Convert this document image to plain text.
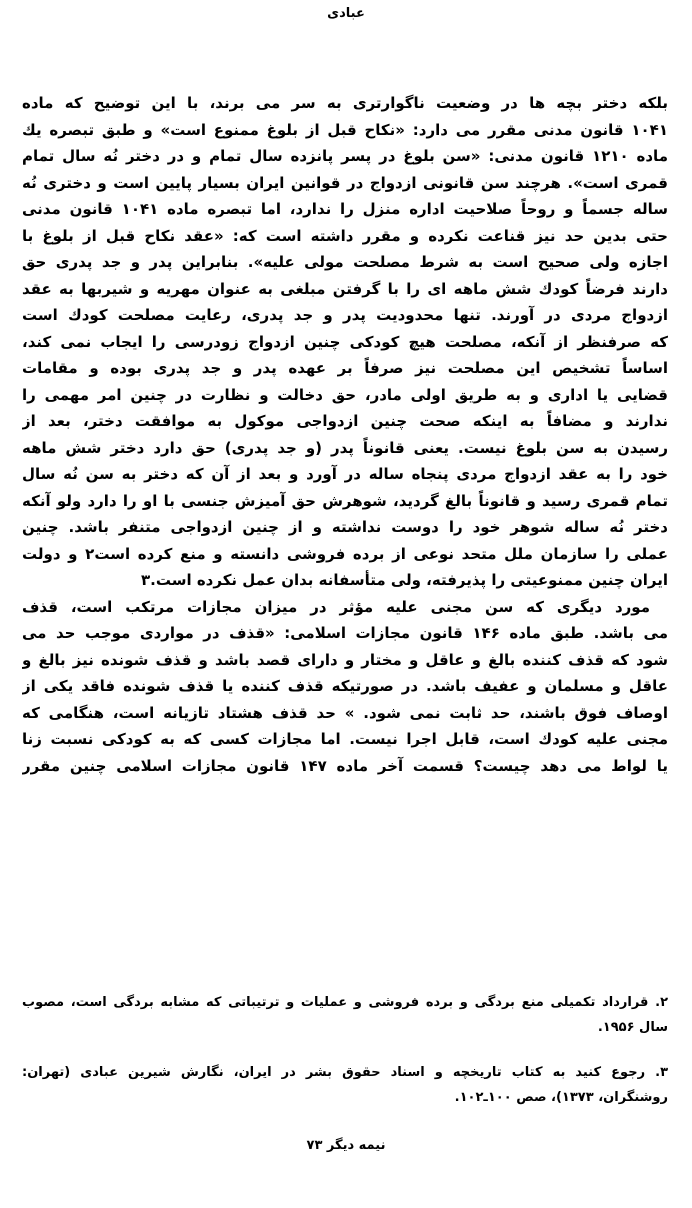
عبادی
بلکه دختر بچه ها در وضعیت ناگوارتری به سر می برند، با این توضیح که ماده
۱۰۴۱ قانون مدنی مقرر می دارد: «نکاح قبل از بلوغ ممنوع است» و طبق تبصره یك
ماده ۱۲۱۰ قانون مدنی: «سن بلوغ در پسر پانزده سال تمام و در دختر نُه سال تمام
قمری است». هرچند سن قانونی ازدواج در قوانین ایران بسیار پایین است و دختری نُه
ساله جسماً و روحاً صلاحیت اداره منزل را ندارد، اما تبصره ماده ۱۰۴۱ قانون مدنی
حتی بدین حد نیز قناعت نکرده و مقرر داشته است که: «عقد نکاح قبل از بلوغ با
اجازه ولی صحیح است به شرط مصلحت مولی علیه». بنابراین پدر و جد پدری حق
دارند فرضاً کودك شش ماهه ای را با گرفتن مبلغی به عنوان مهریه و شیربها به عقد
ازدواج مردی در آورند. تنها محدودیت پدر و جد پدری، رعایت مصلحت کودك است
که صرفنظر از آنکه، مصلحت هیچ کودکی چنین ازدواج زودرسی را ایجاب نمی کند،
اساساً تشخیص این مصلحت نیز صرفاً بر عهده پدر و جد پدری بوده و مقامات
قضایی یا اداری و به طریق اولی مادر، حق دخالت و نظارت در چنین امر مهمی را
ندارند و مضافاً به اینکه صحت چنین ازدواجی موکول به موافقت دختر، بعد از
رسیدن به سن بلوغ نیست. یعنی قانوناً پدر (و جد پدری) حق دارد دختر شش ماهه
خود را به عقد ازدواج مردی پنجاه ساله در آورد و بعد از آن که دختر به سن نُه سال
تمام قمری رسید و قانوناً بالغ گردید، شوهرش حق آمیزش جنسی با او را دارد ولو آنکه
دختر نُه ساله شوهر خود را دوست نداشته و از چنین ازدواجی متنفر باشد. چنین
عملی را سازمان ملل متحد نوعی از برده فروشی دانسته و منع کرده است۲ و دولت
ایران چنین ممنوعیتی را پذیرفته، ولی متأسفانه بدان عمل نکرده است.۳
مورد دیگری که سن مجنی علیه مؤثر در میزان مجازات مرتکب است، قذف
می باشد. طبق ماده ۱۴۶ قانون مجازات اسلامی: «قذف در مواردی موجب حد می
شود که قذف کننده بالغ و عاقل و مختار و دارای قصد باشد و قذف شونده نیز بالغ و
عاقل و مسلمان و عفیف باشد. در صورتیکه قذف کننده یا قذف شونده فاقد یکی از
اوصاف فوق باشند، حد ثابت نمی شود. » حد قذف هشتاد تازیانه است، هنگامی که
مجنی علیه کودك است، قابل اجرا نیست. اما مجازات کسی که به کودکی نسبت زنا
یا لواط می دهد چیست؟ قسمت آخر ماده ۱۴۷ قانون مجازات اسلامی چنین مقرر
۲. قرارداد تکمیلی منع بردگی و برده فروشی و عملیات و ترتیباتی که مشابه بردگی است، مصوب
سال ۱۹۵۶.
۳. رجوع کنید به کتاب تاریخچه و اسناد حقوق بشر در ایران، نگارش شیرین عبادی (تهران:
روشنگران، ۱۳۷۳)، صص ۱۰۰ـ۱۰۲.
نیمه دیگر ۷۳
